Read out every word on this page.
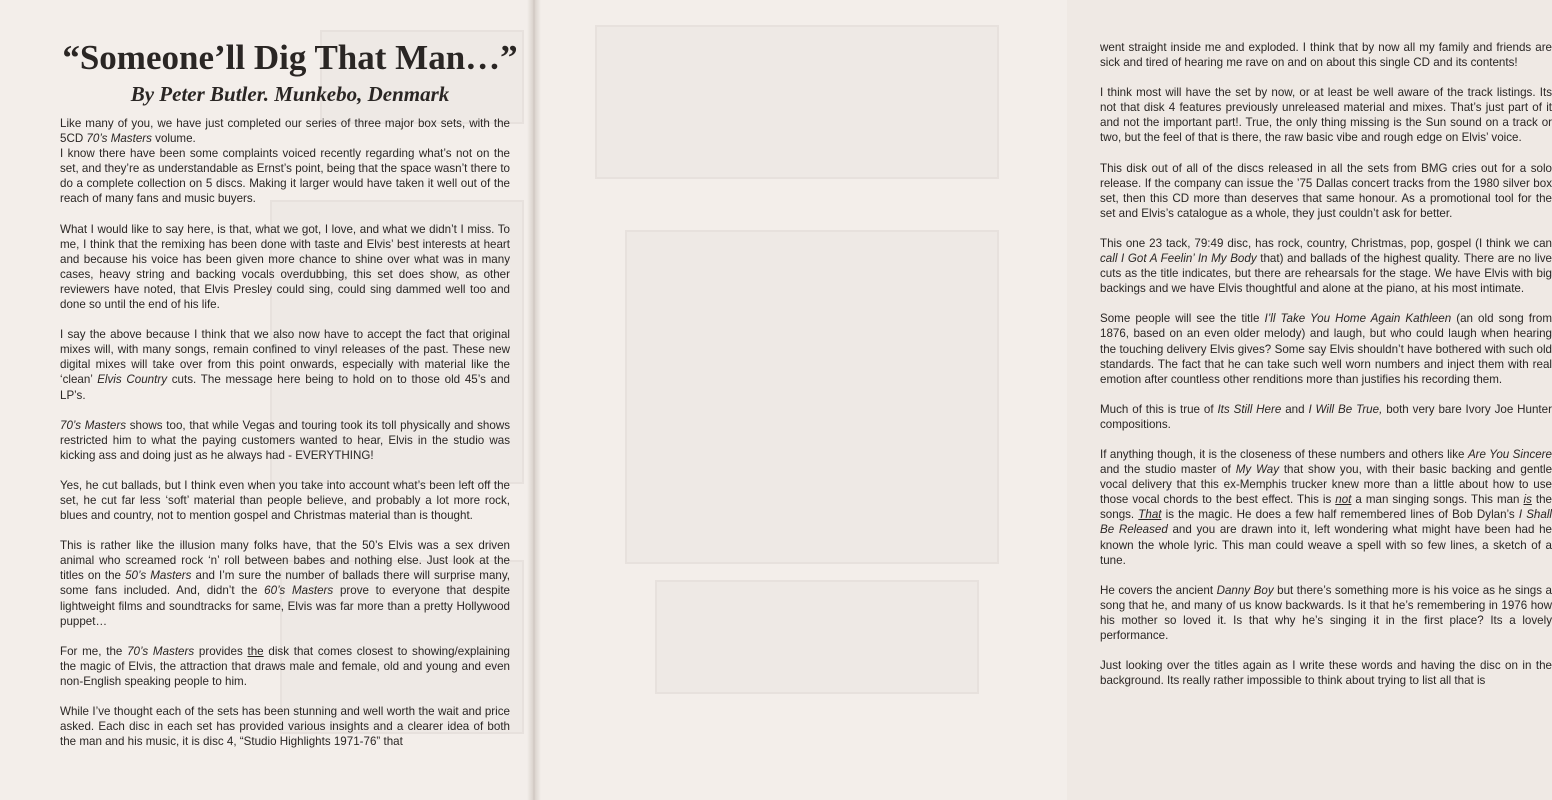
“Someone’ll Dig That Man…”
By Peter Butler. Munkebo, Denmark

Like many of you, we have just completed our series of three major box sets, with the 5CD 70’s Masters volume.

I know there have been some complaints voiced recently regarding what’s not on the set, and they’re as understandable as Ernst’s point, being that the space wasn’t there to do a complete collection on 5 discs. Making it larger would have taken it well out of the reach of many fans and music buyers.

What I would like to say here, is that, what we got, I love, and what we didn’t I miss. To me, I think that the remixing has been done with taste and Elvis’ best interests at heart and because his voice has been given more chance to shine over what was in many cases, heavy string and backing vocals overdubbing, this set does show, as other reviewers have noted, that Elvis Presley could sing, could sing dammed well too and done so until the end of his life.

I say the above because I think that we also now have to accept the fact that original mixes will, with many songs, remain confined to vinyl releases of the past. These new digital mixes will take over from this point onwards, especially with material like the ‘clean’ Elvis Country cuts. The message here being to hold on to those old 45’s and LP’s.

70’s Masters shows too, that while Vegas and touring took its toll physically and shows restricted him to what the paying customers wanted to hear, Elvis in the studio was kicking ass and doing just as he always had - EVERYTHING!

Yes, he cut ballads, but I think even when you take into account what’s been left off the set, he cut far less ‘soft’ material than people believe, and probably a lot more rock, blues and country, not to mention gospel and Christmas material than is thought.

This is rather like the illusion many folks have, that the 50’s Elvis was a sex driven animal who screamed rock ‘n’ roll between babes and nothing else. Just look at the titles on the 50’s Masters and I’m sure the number of ballads there will surprise many, some fans included. And, didn’t the 60’s Masters prove to everyone that despite lightweight films and soundtracks for same, Elvis was far more than a pretty Hollywood puppet…

For me, the 70’s Masters provides the disk that comes closest to showing/explaining the magic of Elvis, the attraction that draws male and female, old and young and even non-English speaking people to him.

While I’ve thought each of the sets has been stunning and well worth the wait and price asked. Each disc in each set has provided various insights and a clearer idea of both the man and his music, it is disc 4, “Studio Highlights 1971-76” that

went straight inside me and exploded. I think that by now all my family and friends are sick and tired of hearing me rave on and on about this single CD and its contents!

I think most will have the set by now, or at least be well aware of the track listings. Its not that disk 4 features previously unreleased material and mixes. That’s just part of it and not the important part!. True, the only thing missing is the Sun sound on a track or two, but the feel of that is there, the raw basic vibe and rough edge on Elvis’ voice.

This disk out of all of the discs released in all the sets from BMG cries out for a solo release. If the company can issue the ’75 Dallas concert tracks from the 1980 silver box set, then this CD more than deserves that same honour. As a promotional tool for the set and Elvis’s catalogue as a whole, they just couldn’t ask for better.

This one 23 tack, 79:49 disc, has rock, country, Christmas, pop, gospel (I think we can call I Got A Feelin’ In My Body that) and ballads of the highest quality. There are no live cuts as the title indicates, but there are rehearsals for the stage. We have Elvis with big backings and we have Elvis thoughtful and alone at the piano, at his most intimate.

Some people will see the title I’ll Take You Home Again Kathleen (an old song from 1876, based on an even older melody) and laugh, but who could laugh when hearing the touching delivery Elvis gives? Some say Elvis shouldn’t have bothered with such old standards. The fact that he can take such well worn numbers and inject them with real emotion after countless other renditions more than justifies his recording them.

Much of this is true of Its Still Here and I Will Be True, both very bare Ivory Joe Hunter compositions.

If anything though, it is the closeness of these numbers and others like Are You Sincere and the studio master of My Way that show you, with their basic backing and gentle vocal delivery that this ex-Memphis trucker knew more than a little about how to use those vocal chords to the best effect. This is not a man singing songs. This man is the songs. That is the magic. He does a few half remembered lines of Bob Dylan’s I Shall Be Released and you are drawn into it, left wondering what might have been had he known the whole lyric. This man could weave a spell with so few lines, a sketch of a tune.

He covers the ancient Danny Boy but there’s something more is his voice as he sings a song that he, and many of us know backwards. Is it that he’s remembering in 1976 how his mother so loved it. Is that why he’s singing it in the first place? Its a lovely performance.

Just looking over the titles again as I write these words and having the disc on in the background. Its really rather impossible to think about trying to list all that is
